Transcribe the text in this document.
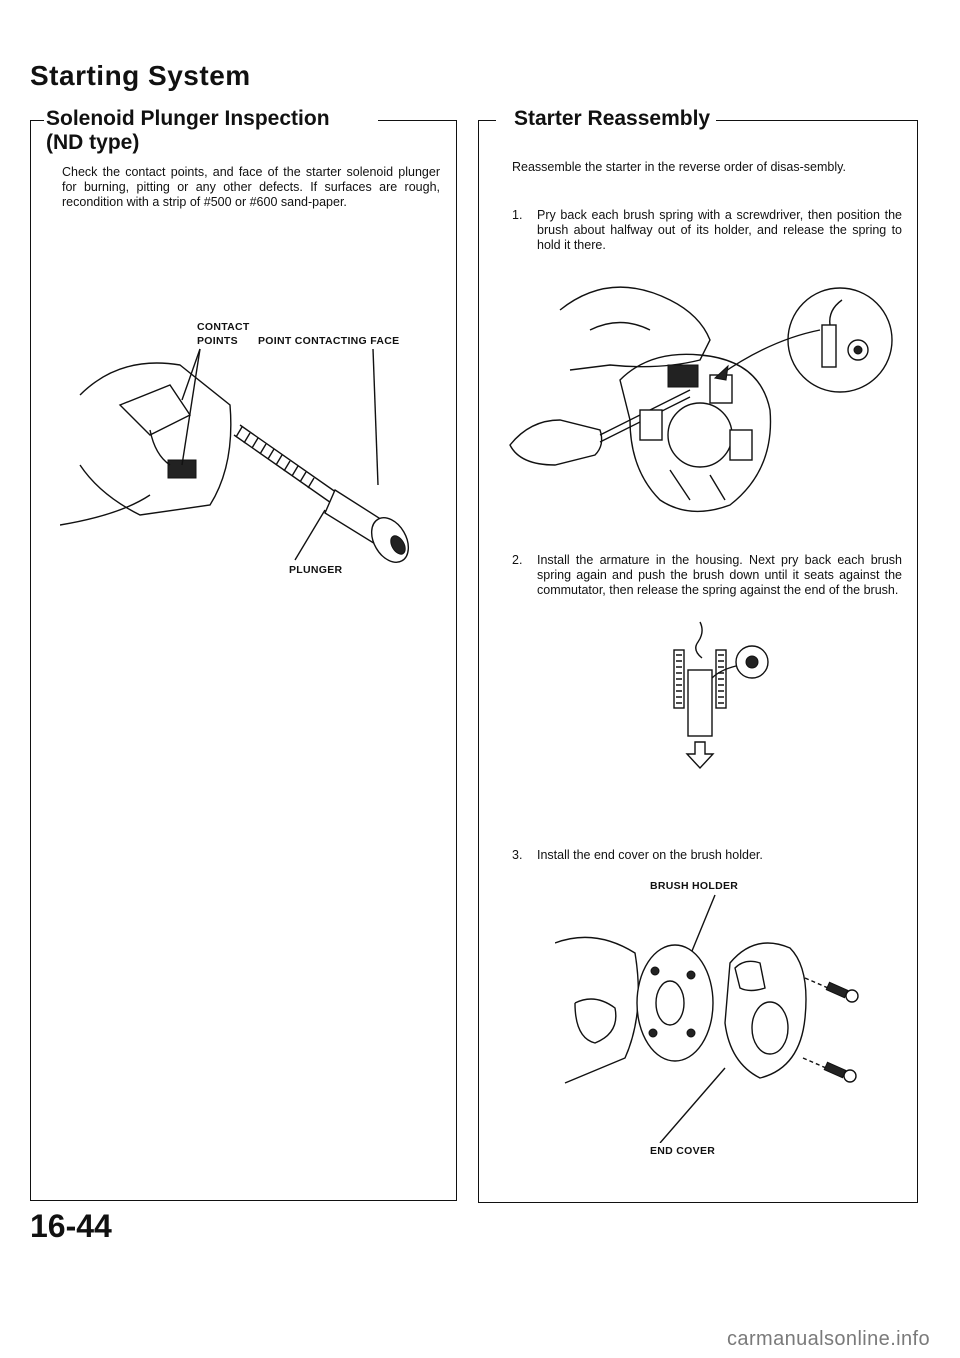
Starting System
Solenoid Plunger Inspection
(ND type)
Check the contact points, and face of the starter solenoid plunger for burning, pitting or any other defects. If surfaces are rough, recondition with a strip of #500 or #600 sand-paper.
CONTACT
POINTS POINT CONTACTING FACE
PLUNGER
Starter Reassembly
Reassemble the starter in the reverse order of disas-sembly.
1. Pry back each brush spring with a screwdriver, then position the brush about halfway out of its holder, and release the spring to hold it there.
2. Install the armature in the housing. Next pry back each brush spring again and push the brush down until it seats against the commutator, then release the spring against the end of the brush.
3. Install the end cover on the brush holder.
BRUSH HOLDER
END COVER
16-44
carmanualsonline.info
